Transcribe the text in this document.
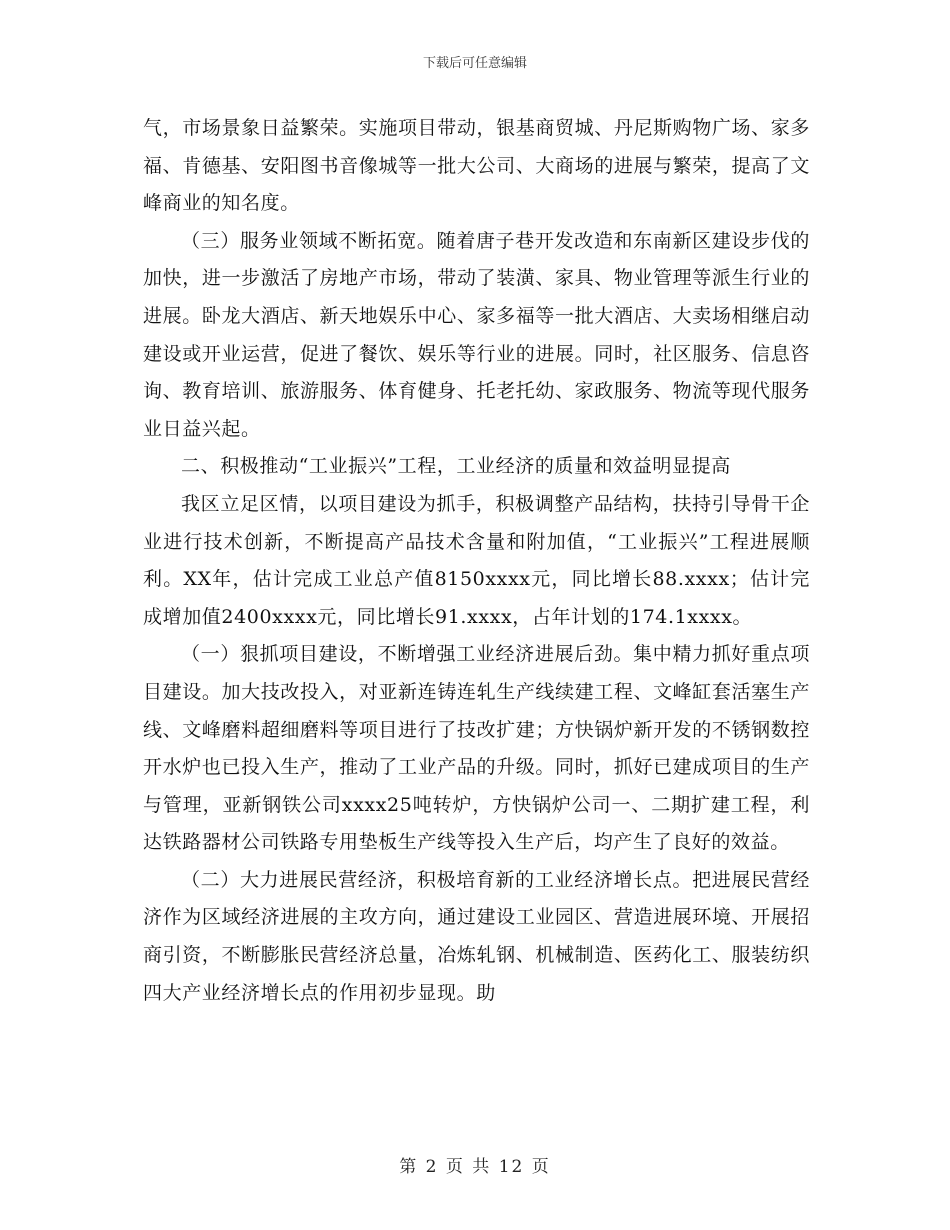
下载后可任意编辑

气，市场景象日益繁荣。实施项目带动，银基商贸城、丹尼斯购物广场、家多福、肯德基、安阳图书音像城等一批大公司、大商场的进展与繁荣，提高了文峰商业的知名度。

（三）服务业领域不断拓宽。随着唐子巷开发改造和东南新区建设步伐的加快，进一步激活了房地产市场，带动了装潢、家具、物业管理等派生行业的进展。卧龙大酒店、新天地娱乐中心、家多福等一批大酒店、大卖场相继启动建设或开业运营，促进了餐饮、娱乐等行业的进展。同时，社区服务、信息咨询、教育培训、旅游服务、体育健身、托老托幼、家政服务、物流等现代服务业日益兴起。

二、积极推动“工业振兴”工程，工业经济的质量和效益明显提高

我区立足区情，以项目建设为抓手，积极调整产品结构，扶持引导骨干企业进行技术创新，不断提高产品技术含量和附加值，“工业振兴”工程进展顺利。XX年，估计完成工业总产值8150xxxx元，同比增长88.xxxx；估计完成增加值2400xxxx元，同比增长91.xxxx，占年计划的174.1xxxx。

（一）狠抓项目建设，不断增强工业经济进展后劲。集中精力抓好重点项目建设。加大技改投入，对亚新连铸连轧生产线续建工程、文峰缸套活塞生产线、文峰磨料超细磨料等项目进行了技改扩建；方快锅炉新开发的不锈钢数控开水炉也已投入生产，推动了工业产品的升级。同时，抓好已建成项目的生产与管理，亚新钢铁公司xxxx25吨转炉，方快锅炉公司一、二期扩建工程，利达铁路器材公司铁路专用垫板生产线等投入生产后，均产生了良好的效益。

（二）大力进展民营经济，积极培育新的工业经济增长点。把进展民营经济作为区域经济进展的主攻方向，通过建设工业园区、营造进展环境、开展招商引资，不断膨胀民营经济总量，冶炼轧钢、机械制造、医药化工、服装纺织四大产业经济增长点的作用初步显现。助

第 2 页 共 12 页
